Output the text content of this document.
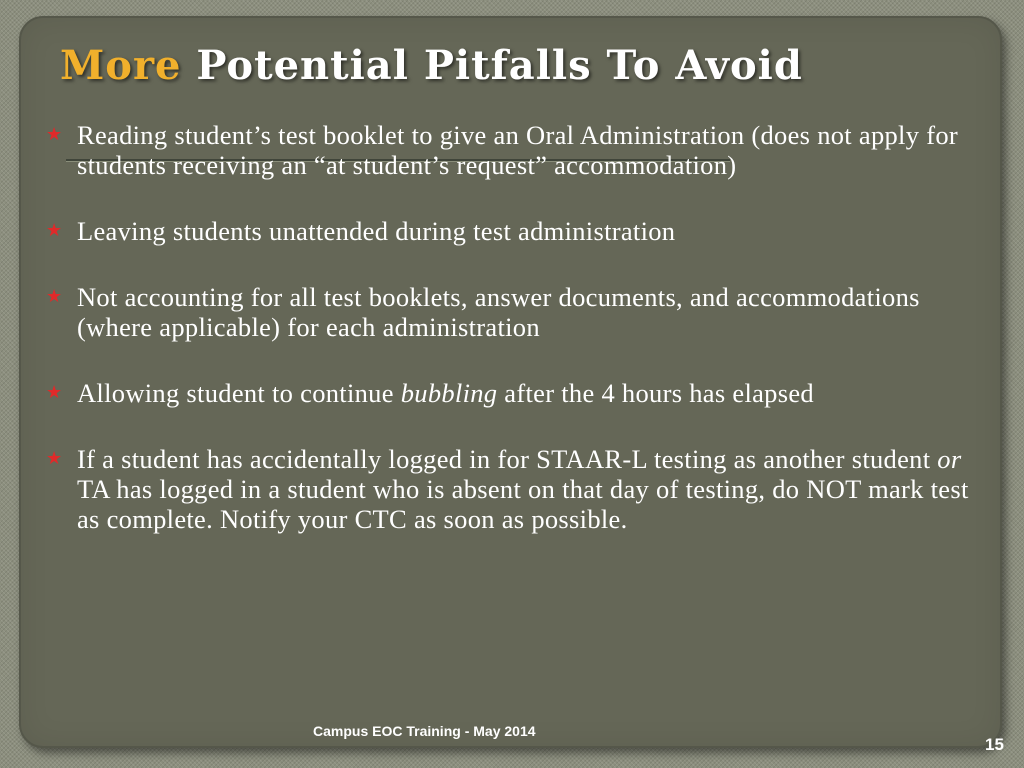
More Potential Pitfalls To Avoid
★ Reading student’s test booklet to give an Oral Administration (does not apply for students receiving an “at student’s request” accommodation)
★ Leaving students unattended during test administration
★ Not accounting for all test booklets, answer documents, and accommodations (where applicable) for each administration
★ Allowing student to continue bubbling after the 4 hours has elapsed
★ If a student has accidentally logged in for STAAR-L testing as another student or TA has logged in a student who is absent on that day of testing, do NOT mark test as complete. Notify your CTC as soon as possible.
Campus EOC Training - May 2014
15
